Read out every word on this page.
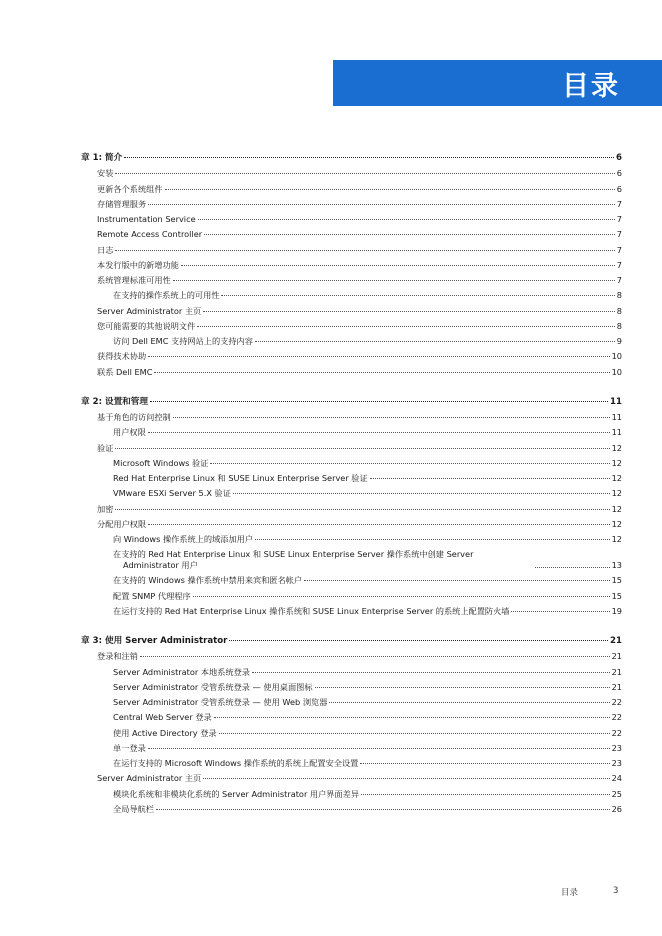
目录
章 1: 简介	6
安装	6
更新各个系统组件	6
存储管理服务	7
Instrumentation Service	7
Remote Access Controller	7
日志	7
本发行版中的新增功能	7
系统管理标准可用性	7
在支持的操作系统上的可用性	8
Server Administrator 主页	8
您可能需要的其他说明文件	8
访问 Dell EMC 支持网站上的支持内容	9
获得技术协助	10
联系 Dell EMC	10
章 2: 设置和管理	11
基于角色的访问控制	11
用户权限	11
验证	12
Microsoft Windows 验证	12
Red Hat Enterprise Linux 和 SUSE Linux Enterprise Server 验证	12
VMware ESXi Server 5.X 验证	12
加密	12
分配用户权限	12
向 Windows 操作系统上的域添加用户	12
在支持的 Red Hat Enterprise Linux 和 SUSE Linux Enterprise Server 操作系统中创建 Server
Administrator 用户	13
在支持的 Windows 操作系统中禁用来宾和匿名帐户	15
配置 SNMP 代理程序	15
在运行支持的 Red Hat Enterprise Linux 操作系统和 SUSE Linux Enterprise Server 的系统上配置防火墙	19
章 3: 使用 Server Administrator	21
登录和注销	21
Server Administrator 本地系统登录	21
Server Administrator 受管系统登录 — 使用桌面图标	21
Server Administrator 受管系统登录 — 使用 Web 浏览器	22
Central Web Server 登录	22
使用 Active Directory 登录	22
单一登录	23
在运行支持的 Microsoft Windows 操作系统的系统上配置安全设置	23
Server Administrator 主页	24
模块化系统和非模块化系统的 Server Administrator 用户界面差异	25
全局导航栏	26
目录	3
